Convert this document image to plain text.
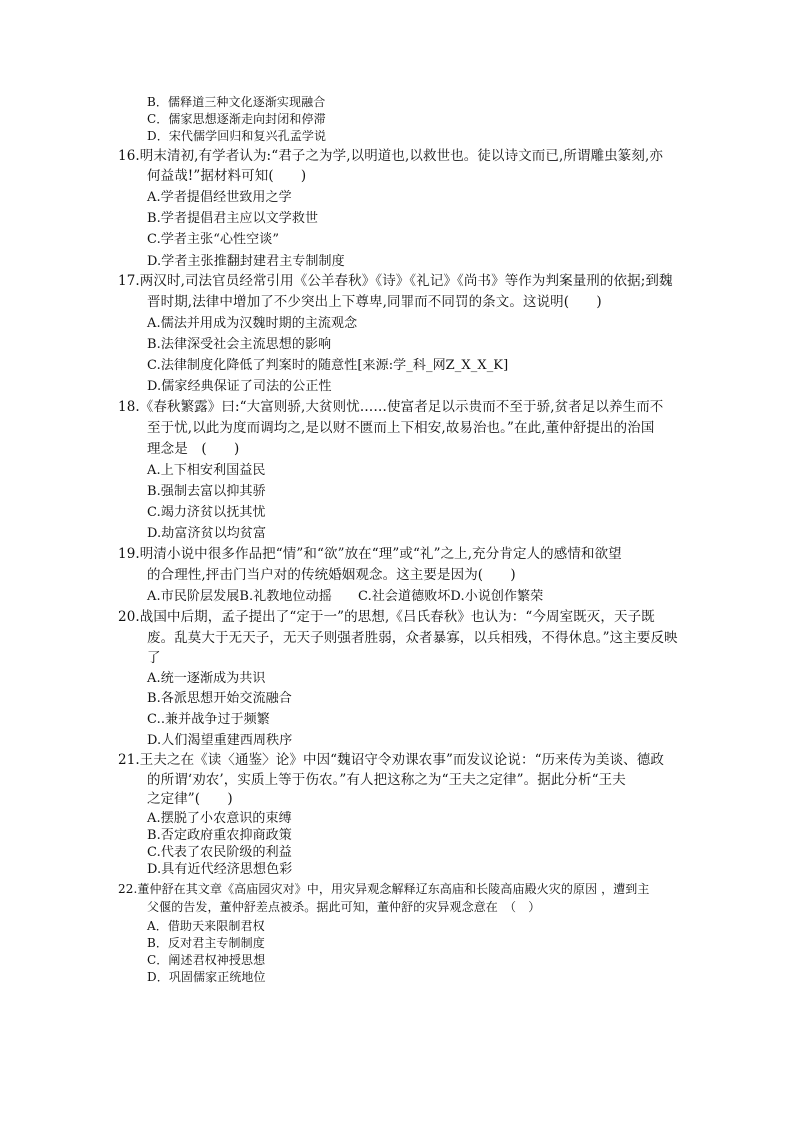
B．儒释道三种文化逐渐实现融合
C．儒家思想逐渐走向封闭和停滞
D．宋代儒学回归和复兴孔孟学说
16.明末清初,有学者认为:“君子之为学,以明道也,以救世也。徒以诗文而已,所谓雕虫篆刻,亦
何益哉!”据材料可知(　　)
A.学者提倡经世致用之学
B.学者提倡君主应以文学救世
C.学者主张“心性空谈”
D.学者主张推翻封建君主专制制度
17.两汉时,司法官员经常引用《公羊春秋》《诗》《礼记》《尚书》等作为判案量刑的依据;到魏
晋时期,法律中增加了不少突出上下尊卑,同罪而不同罚的条文。这说明(　　)
A.儒法并用成为汉魏时期的主流观念
B.法律深受社会主流思想的影响
C.法律制度化降低了判案时的随意性[来源:学_科_网Z_X_X_K]
D.儒家经典保证了司法的公正性
18.《春秋繁露》曰:“大富则骄,大贫则忧……使富者足以示贵而不至于骄,贫者足以养生而不
至于忧,以此为度而调均之,是以财不匮而上下相安,故易治也。”在此,董仲舒提出的治国
理念是　(　　)
A.上下相安利国益民
B.强制去富以抑其骄
C.竭力济贫以抚其忧
D.劫富济贫以均贫富
19.明清小说中很多作品把“情”和“欲”放在“理”或“礼”之上,充分肯定人的感情和欲望
的合理性,抨击门当户对的传统婚姻观念。这主要是因为(　　)
A.市民阶层发展B.礼教地位动摇　　C.社会道德败坏D.小说创作繁荣
20.战国中后期，孟子提出了“定于一”的思想,《吕氏春秋》也认为：“今周室既灭，天子既
废。乱莫大于无天子，无天子则强者胜弱，众者暴寡，以兵相残，不得休息。”这主要反映
了
A.统一逐渐成为共识
B.各派思想开始交流融合
C..兼并战争过于频繁
D.人们渴望重建西周秩序
21.王夫之在《读〈通鉴〉论》中因“魏诏守令劝课农事”而发议论说：“历来传为美谈、德政
的所谓‘劝农’，实质上等于伤农。”有人把这称之为“王夫之定律”。据此分析“王夫
之定律”(　　)
A.摆脱了小农意识的束缚
B.否定政府重农抑商政策
C.代表了农民阶级的利益
D.具有近代经济思想色彩
22.董仲舒在其文章《高庙园灾对》中，用灾异观念解释辽东高庙和长陵高庙殿火灾的原因 ，遭到主
父偃的告发，董仲舒差点被杀。据此可知，董仲舒的灾异观念意在　（　）
A．借助天来限制君权
B．反对君主专制制度
C．阐述君权神授思想
D．巩固儒家正统地位
